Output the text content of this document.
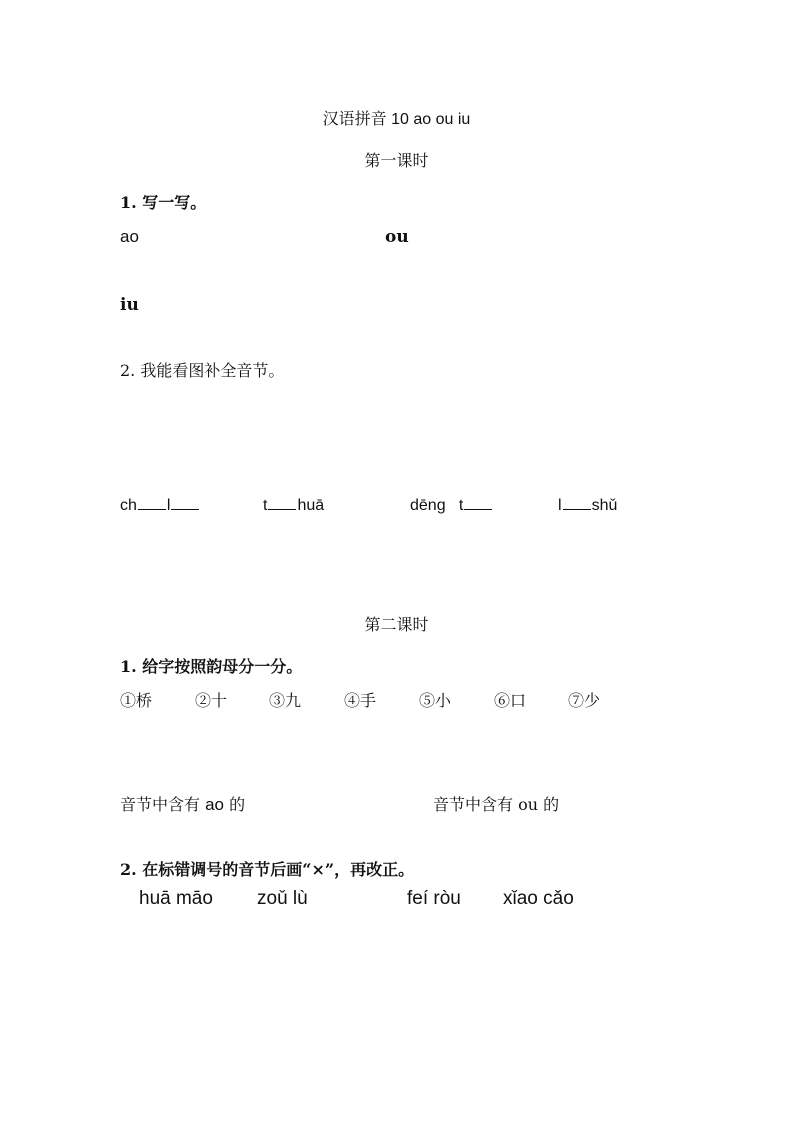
汉语拼音 10 ao ou iu
第一课时
1. 写一写。
ao	ou
iu
2. 我能看图补全音节。
ch l	t huā	dēng   t	l shǔ
第二课时
1. 给字按照韵母分一分。
①桥	②十	③九	④手	⑤小	⑥口	⑦少
音节中含有 ao 的	音节中含有 ou 的
2. 在标错调号的音节后画“×”，再改正。
huā māo zoǔ lù	feí ròu xǐao cǎo
